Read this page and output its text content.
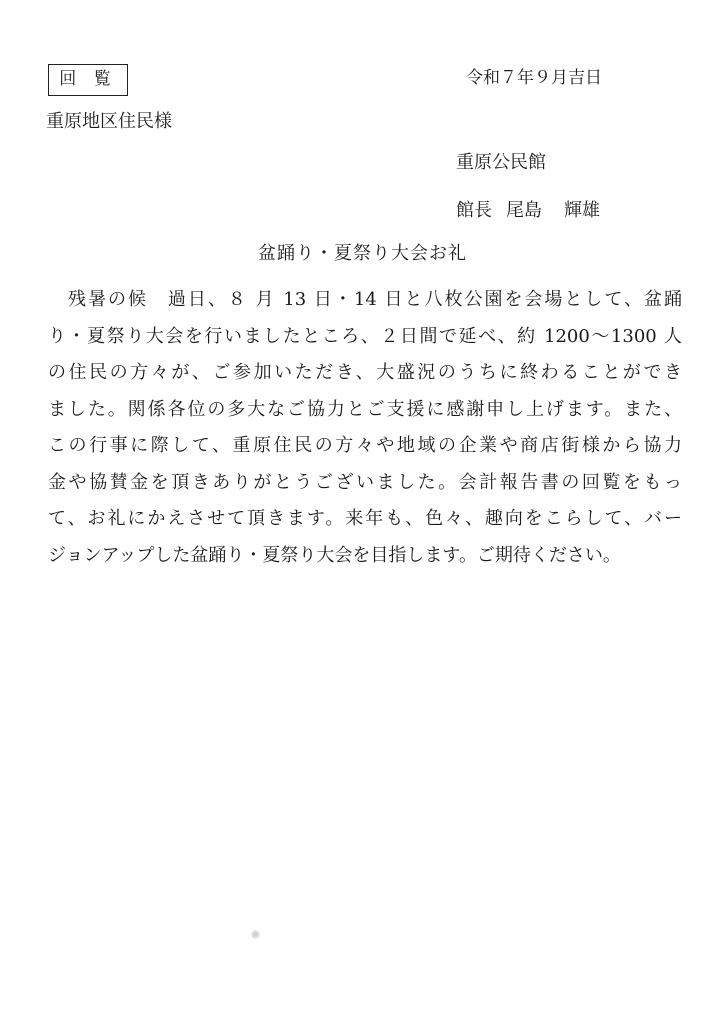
回 覧	令和７年９月吉日
重原地区住民様
重原公民館
館長 尾島 輝雄
盆踊り・夏祭り大会お礼
　残暑の候　過日、８ 月 13 日・14 日と八枚公園を会場として、盆踊
り・夏祭り大会を行いましたところ、２日間で延べ、約 1200～1300 人
の住民の方々が、ご参加いただき、大盛況のうちに終わることができ
ました。関係各位の多大なご協力とご支援に感謝申し上げます。また、
この行事に際して、重原住民の方々や地域の企業や商店街様から協力
金や協賛金を頂きありがとうございました。会計報告書の回覧をもっ
て、お礼にかえさせて頂きます。来年も、色々、趣向をこらして、バー
ジョンアップした盆踊り・夏祭り大会を目指します。ご期待ください。
